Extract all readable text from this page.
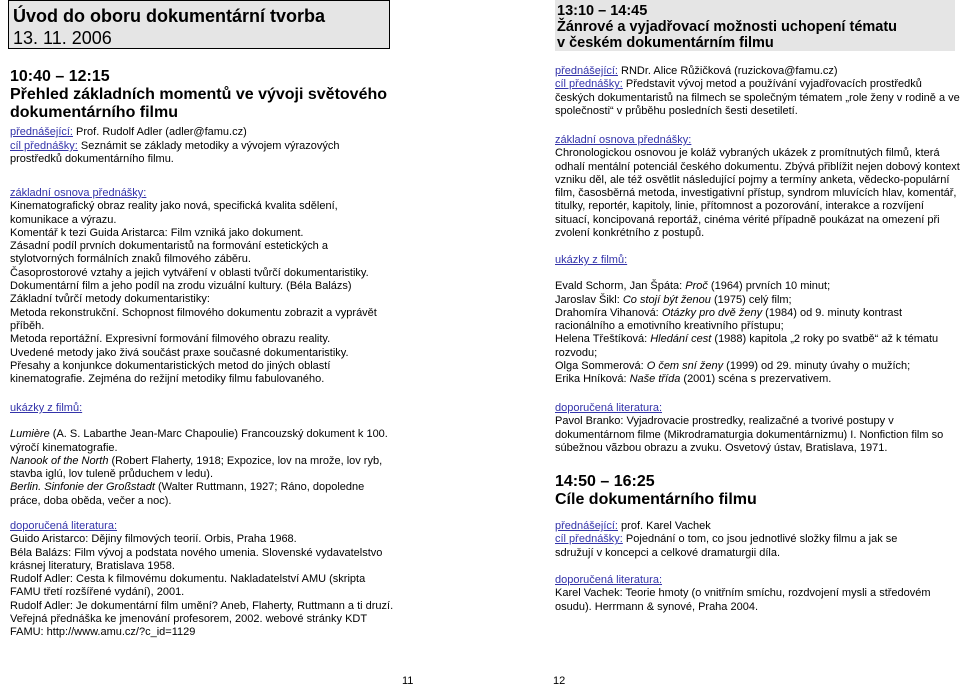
Úvod do oboru dokumentární tvorba
13. 11. 2006
10:40 – 12:15
Přehled základních momentů ve vývoji světového
dokumentárního filmu
přednášející: Prof. Rudolf Adler (adler@famu.cz)
cíl přednášky: Seznámit se základy metodiky a vývojem výrazových prostředků dokumentárního filmu.
základní osnova přednášky:
Kinematografický obraz reality jako nová, specifická kvalita sdělení, komunikace a výrazu.
Komentář k tezi Guida Aristarca: Film vzniká jako dokument.
Zásadní podíl prvních dokumentaristů na formování estetických a stylotvorných formálních znaků filmového záběru.
Časoprostorové vztahy a jejich vytváření v oblasti tvůrčí dokumentaristiky.
Dokumentární film a jeho podíl na zrodu vizuální kultury. (Béla Balázs)
Základní tvůrčí metody dokumentaristiky:
Metoda rekonstrukční. Schopnost filmového dokumentu zobrazit a vyprávět příběh.
Metoda reportážní. Expresivní formování filmového obrazu reality.
Uvedené metody jako živá součást praxe současné dokumentaristiky.
Přesahy a konjunkce dokumentaristických metod do jiných oblastí kinematografie. Zejména do režijní metodiky filmu fabulovaného.
ukázky z filmů:
Lumière (A. S. Labarthe Jean-Marc Chapoulie) Francouzský dokument k 100. výročí kinematografie.
Nanook of the North (Robert Flaherty, 1918; Expozice, lov na mrože, lov ryb, stavba iglú, lov tuleně průduchem v ledu).
Berlin. Sinfonie der Großstadt (Walter Ruttmann, 1927; Ráno, dopoledne práce, doba oběda, večer a noc).
doporučená literatura:
Guido Aristarco: Dějiny filmových teorií. Orbis, Praha 1968.
Béla Balázs: Film vývoj a podstata nového umenia. Slovenské vydavatelstvo krásnej literatury, Bratislava 1958.
Rudolf Adler: Cesta k filmovému dokumentu. Nakladatelství AMU (skripta FAMU třetí rozšířené vydání), 2001.
Rudolf Adler: Je dokumentární film umění? Aneb, Flaherty, Ruttmann a ti druzí. Veřejná přednáška ke jmenování profesorem, 2002. webové stránky KDT FAMU: http://www.amu.cz/?c_id=1129
11
13:10 – 14:45
Žánrové a vyjadřovací možnosti uchopení tématu
v českém dokumentárním filmu
přednášející: RNDr. Alice Růžičková (ruzickova@famu.cz)
cíl přednášky: Představit vývoj metod a používání vyjadřovacích prostředků českých dokumentaristů na filmech se společným tématem „role ženy v rodině a ve společnosti“ v průběhu posledních šesti desetiletí.
základní osnova přednášky:
Chronologickou osnovou je koláž vybraných ukázek z promítnutých filmů, která odhalí mentální potenciál českého dokumentu. Zbývá přiblížit nejen dobový kontext vzniku děl, ale též osvětlit následující pojmy a termíny anketa, vědecko-populární film, časosběrná metoda, investigativní přístup, syndrom mluvících hlav, komentář, titulky, reportér, kapitoly, linie, přítomnost a pozorování, interakce a rozvíjení situací, koncipovaná reportáž, cinéma vérité případně poukázat na omezení při zvolení konkrétního z postupů.
ukázky z filmů:
Evald Schorm, Jan Špáta: Proč (1964) prvních 10 minut;
Jaroslav Šikl: Co stojí být ženou (1975) celý film;
Drahomíra Vihanová: Otázky pro dvě ženy (1984) od 9. minuty kontrast racionálního a emotivního kreativního přístupu;
Helena Třeštíková: Hledání cest (1988) kapitola „2 roky po svatbě“ až k tématu rozvodu;
Olga Sommerová: O čem sní ženy (1999) od 29. minuty úvahy o mužích;
Erika Hníková: Naše třída (2001) scéna s prezervativem.
doporučená literatura:
Pavol Branko: Vyjadrovacie prostredky, realizačné a tvorivé postupy v dokumentárnom filme (Mikrodramaturgia dokumentárnizmu) I. Nonfiction film so súbežnou vãzbou obrazu a zvuku. Osvetový ústav, Bratislava, 1971.
14:50 – 16:25
Cíle dokumentárního filmu
přednášející: prof. Karel Vachek
cíl přednášky: Pojednání o tom, co jsou jednotlivé složky filmu a jak se sdružují v koncepci a celkové dramaturgii díla.
doporučená literatura:
Karel Vachek: Teorie hmoty (o vnitřním smíchu, rozdvojení mysli a středovém osudu). Herrmann & synové, Praha 2004.
12
